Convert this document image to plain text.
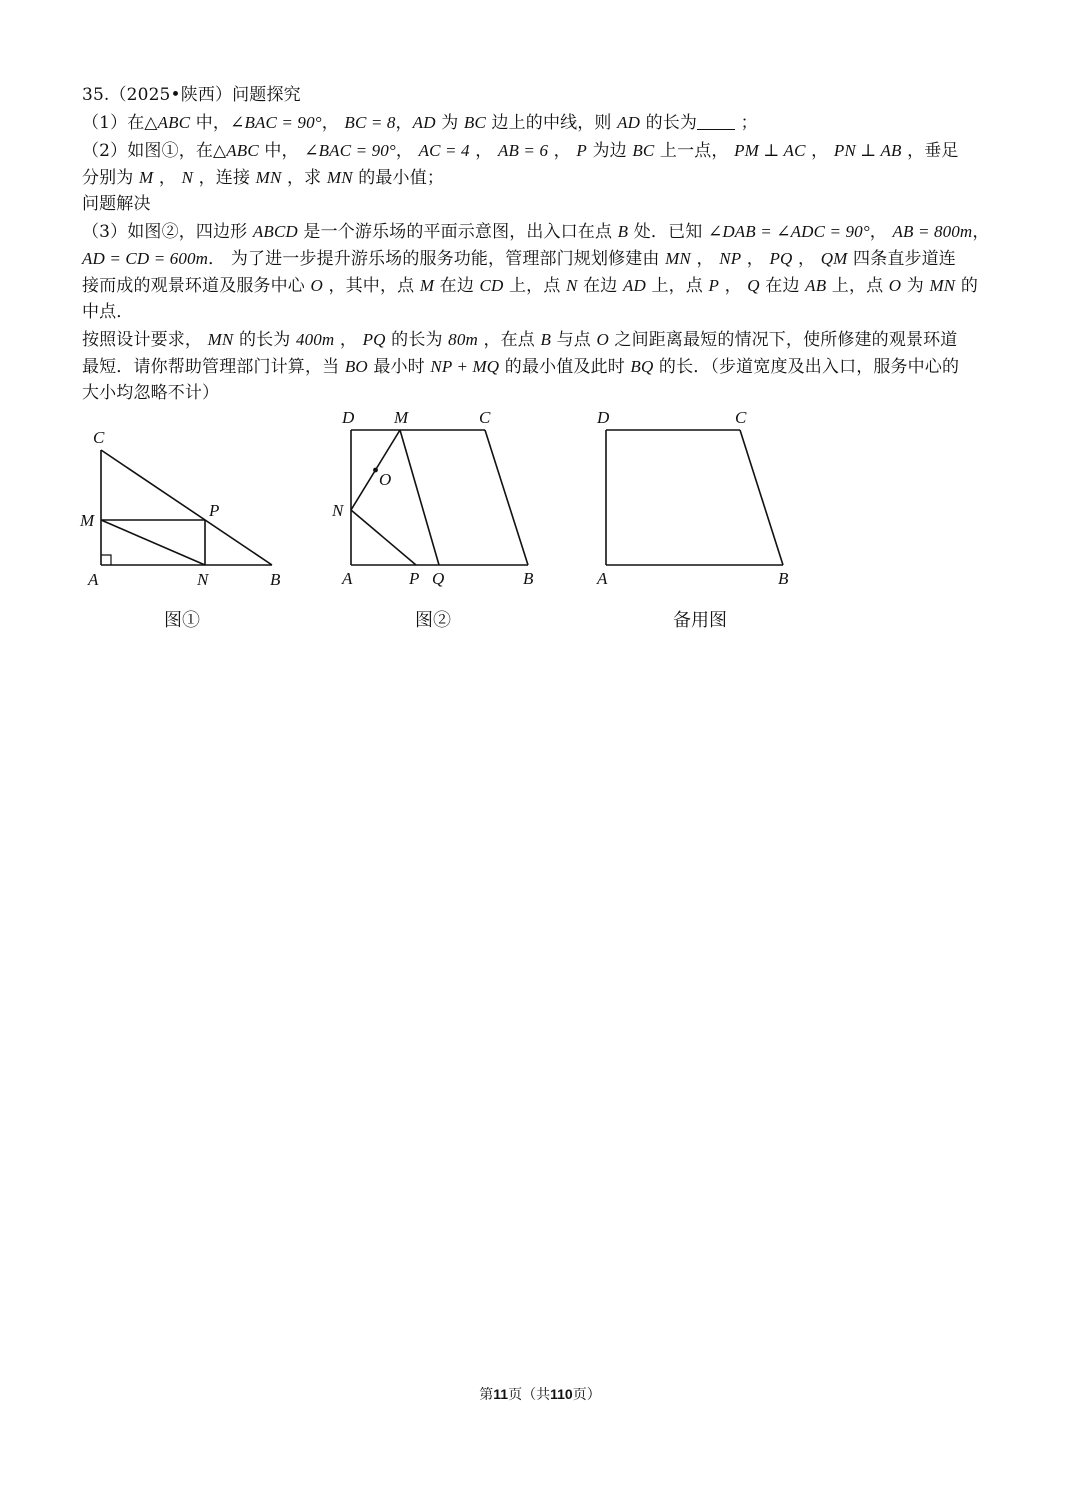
35.（2025•陕西）问题探究
（1）在△ABC 中，∠BAC = 90°， BC = 8，AD 为 BC 边上的中线，则 AD 的长为 ；
（2）如图①，在△ABC 中， ∠BAC = 90°， AC = 4 ， AB = 6 ， P 为边 BC 上一点， PM ⊥ AC ， PN ⊥ AB ，垂足
分别为 M ， N ，连接 MN ，求 MN 的最小值；
问题解决
（3）如图②，四边形 ABCD 是一个游乐场的平面示意图，出入口在点 B 处．已知 ∠DAB = ∠ADC = 90°， AB = 800m，
AD = CD = 600m． 为了进一步提升游乐场的服务功能，管理部门规划修建由 MN ， NP ， PQ ， QM 四条直步道连
接而成的观景环道及服务中心 O ，其中，点 M 在边 CD 上，点 N 在边 AD 上，点 P ， Q 在边 AB 上，点 O 为 MN 的
中点．
按照设计要求， MN 的长为 400m ， PQ 的长为 80m ，在点 B 与点 O 之间距离最短的情况下，使所修建的观景环道
最短．请你帮助管理部门计算，当 BO 最小时 NP + MQ 的最小值及此时 BQ 的长．（步道宽度及出入口，服务中心的
大小均忽略不计）
C
M
P
A	N	B
图①
D M	C
O
N
A	P Q	B
图②
D	C
A	B
备用图
第11页（共110页）
